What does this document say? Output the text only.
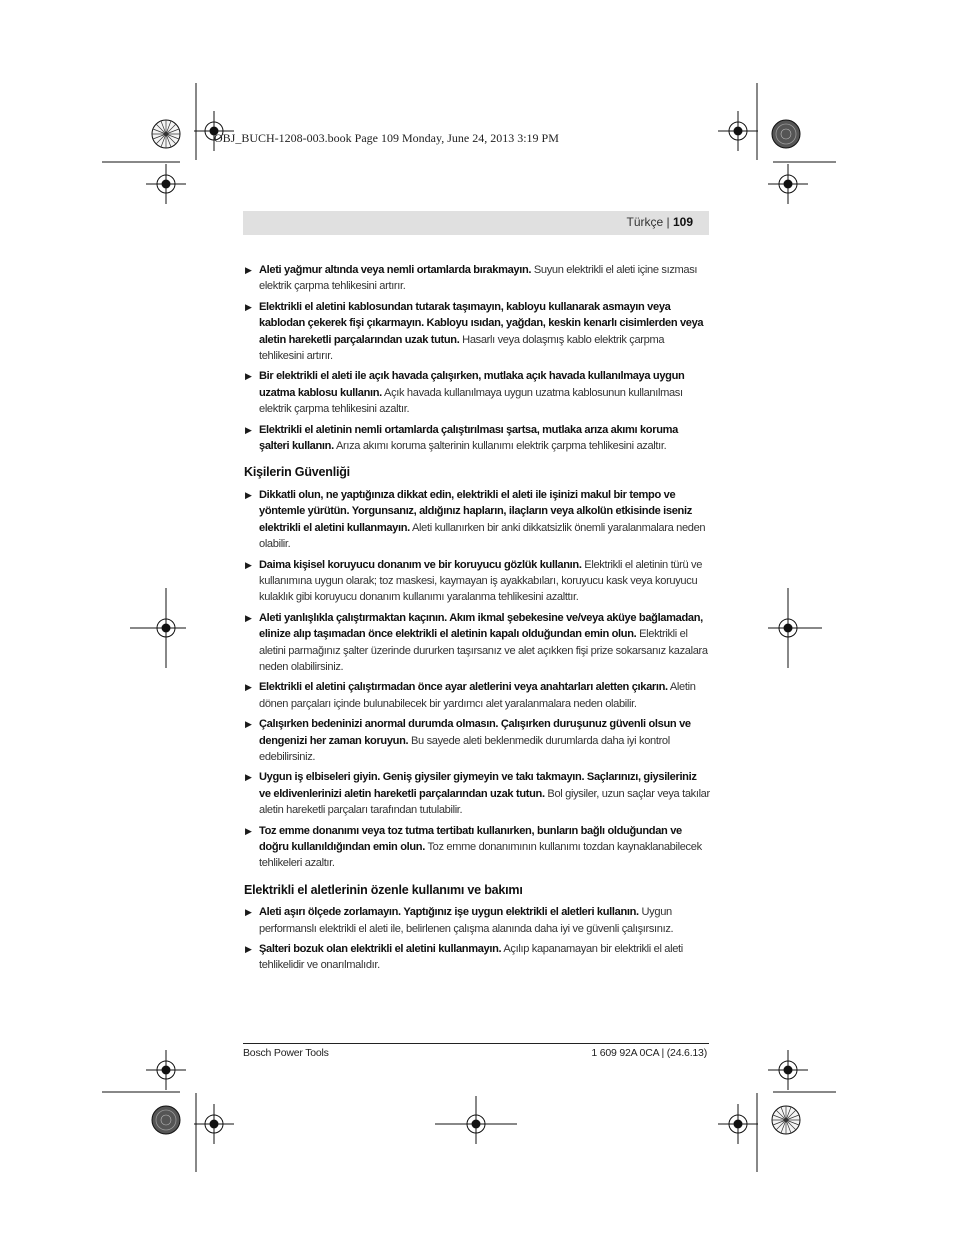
OBJ_BUCH-1208-003.book Page 109 Monday, June 24, 2013 3:19 PM
Türkçe | 109
▶ Aleti yağmur altında veya nemli ortamlarda bırakmayın. Suyun elektrikli el aleti içine sızması elektrik çarpma tehlikesini artırır.
▶ Elektrikli el aletini kablosundan tutarak taşımayın, kabloyu kullanarak asmayın veya kablodan çekerek fişi çıkarmayın. Kabloyu ısıdan, yağdan, keskin kenarlı cisimlerden veya aletin hareketli parçalarından uzak tutun. Hasarlı veya dolaşmış kablo elektrik çarpma tehlikesini artırır.
▶ Bir elektrikli el aleti ile açık havada çalışırken, mutlaka açık havada kullanılmaya uygun uzatma kablosu kullanın. Açık havada kullanılmaya uygun uzatma kablosunun kullanılması elektrik çarpma tehlikesini azaltır.
▶ Elektrikli el aletinin nemli ortamlarda çalıştırılması şartsa, mutlaka arıza akımı koruma şalteri kullanın. Arıza akımı koruma şalterinin kullanımı elektrik çarpma tehlikesini azaltır.
Kişilerin Güvenliği
▶ Dikkatli olun, ne yaptığınıza dikkat edin, elektrikli el aleti ile işinizi makul bir tempo ve yöntemle yürütün. Yorgunsanız, aldığınız hapların, ilaçların veya alkolün etkisinde iseniz elektrikli el aletini kullanmayın. Aleti kullanırken bir anki dikkatsizlik önemli yaralanmalara neden olabilir.
▶ Daima kişisel koruyucu donanım ve bir koruyucu gözlük kullanın. Elektrikli el aletinin türü ve kullanımına uygun olarak; toz maskesi, kaymayan iş ayakkabıları, koruyucu kask veya koruyucu kulaklık gibi koruyucu donanım kullanımı yaralanma tehlikesini azalttır.
▶ Aleti yanlışlıkla çalıştırmaktan kaçının. Akım ikmal şebekesine ve/veya aküye bağlamadan, elinize alıp taşımadan önce elektrikli el aletinin kapalı olduğundan emin olun. Elektrikli el aletini parmağınız şalter üzerinde dururken taşırsanız ve alet açıkken fişi prize sokarsanız kazalara neden olabilirsiniz.
▶ Elektrikli el aletini çalıştırmadan önce ayar aletlerini veya anahtarları aletten çıkarın. Aletin dönen parçaları içinde bulunabilecek bir yardımcı alet yaralanmalara neden olabilir.
▶ Çalışırken bedeninizi anormal durumda olmasın. Çalışırken duruşunuz güvenli olsun ve dengenizi her zaman koruyun. Bu sayede aleti beklenmedik durumlarda daha iyi kontrol edebilirsiniz.
▶ Uygun iş elbiseleri giyin. Geniş giysiler giymeyin ve takı takmayın. Saçlarınızı, giysileriniz ve eldivenlerinizi aletin hareketli parçalarından uzak tutun. Bol giysiler, uzun saçlar veya takılar aletin hareketli parçaları tarafından tutulabilir.
▶ Toz emme donanımı veya toz tutma tertibatı kullanırken, bunların bağlı olduğundan ve doğru kullanıldığından emin olun. Toz emme donanımının kullanımı tozdan kaynaklanabilecek tehlikeleri azaltır.
Elektrikli el aletlerinin özenle kullanımı ve bakımı
▶ Aleti aşırı ölçede zorlamayın. Yaptığınız işe uygun elektrikli el aletleri kullanın. Uygun performanslı elektrikli el aleti ile, belirlenen çalışma alanında daha iyi ve güvenli çalışırsınız.
▶ Şalteri bozuk olan elektrikli el aletini kullanmayın. Açılıp kapanamayan bir elektrikli el aleti tehlikelidir ve onarılmalıdır.
Bosch Power Tools	1 609 92A 0CA | (24.6.13)
